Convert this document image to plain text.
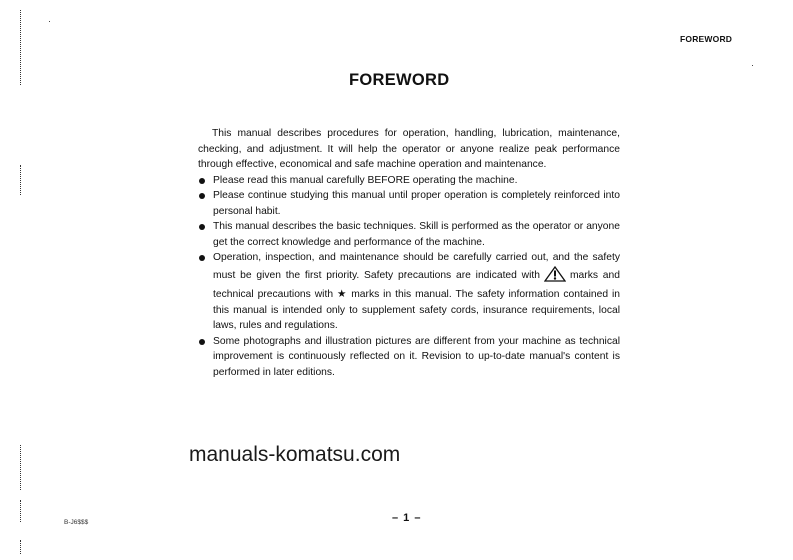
FOREWORD
FOREWORD

This manual describes procedures for operation, handling, lubrication, maintenance, checking, and adjustment. It will help the operator or anyone realize peak performance through effective, economical and safe machine operation and maintenance.

Please read this manual carefully BEFORE operating the machine.

Please continue studying this manual until proper operation is completely reinforced into personal habit.

This manual describes the basic techniques. Skill is performed as the operator or anyone get the correct knowledge and performance of the machine.

Operation, inspection, and maintenance should be carefully carried out, and the safety must be given the first priority. Safety precautions are indicated with	marks and technical precautions with ★ marks in this manual. The safety information contained in this manual is intended only to supplement safety cords, insurance requirements, local laws, rules and regulations.

Some photographs and illustration pictures are different from your machine as technical improvement is continuously reflected on it. Revision to up-to-date manual's content is performed in later editions.

manuals-komatsu.com
B-J6$$$	– 1 –
